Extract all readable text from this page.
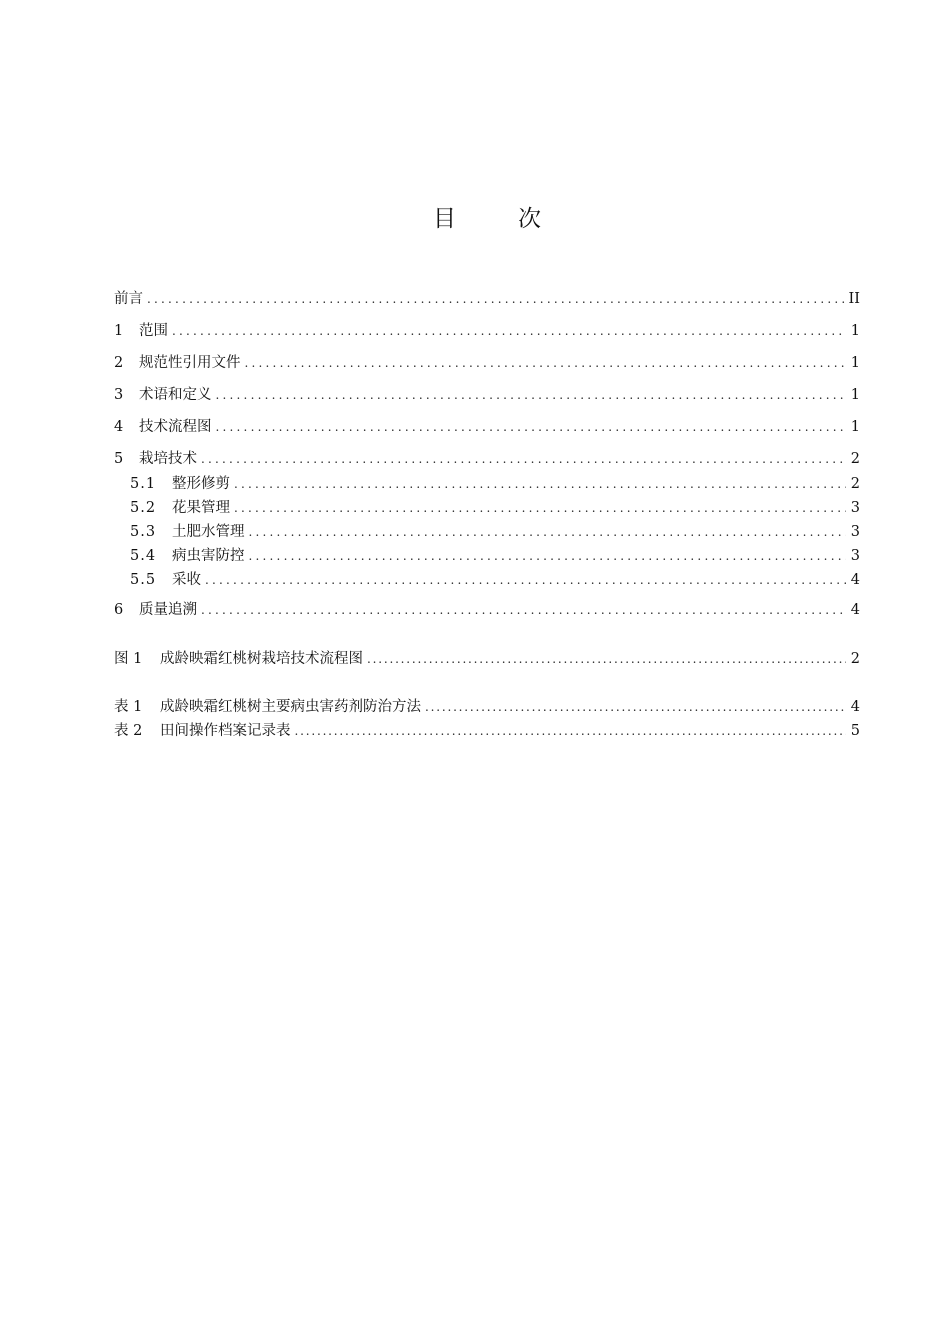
目	次
前言 .....	II
1	范围 .....	1
2	规范性引用文件 .....	1
3	术语和定义 .....	1
4	技术流程图 .....	1
5	栽培技术 .....	2
5.1	整形修剪 .....	2
5.2	花果管理 .....	3
5.3	土肥水管理 .....	3
5.4	病虫害防控 .....	3
5.5	采收 .....	4
6	质量追溯 .....	4
图 1	成龄映霜红桃树栽培技术流程图 .....	2
表 1	成龄映霜红桃树主要病虫害药剂防治方法 .....	4
表 2	田间操作档案记录表 .....	5
